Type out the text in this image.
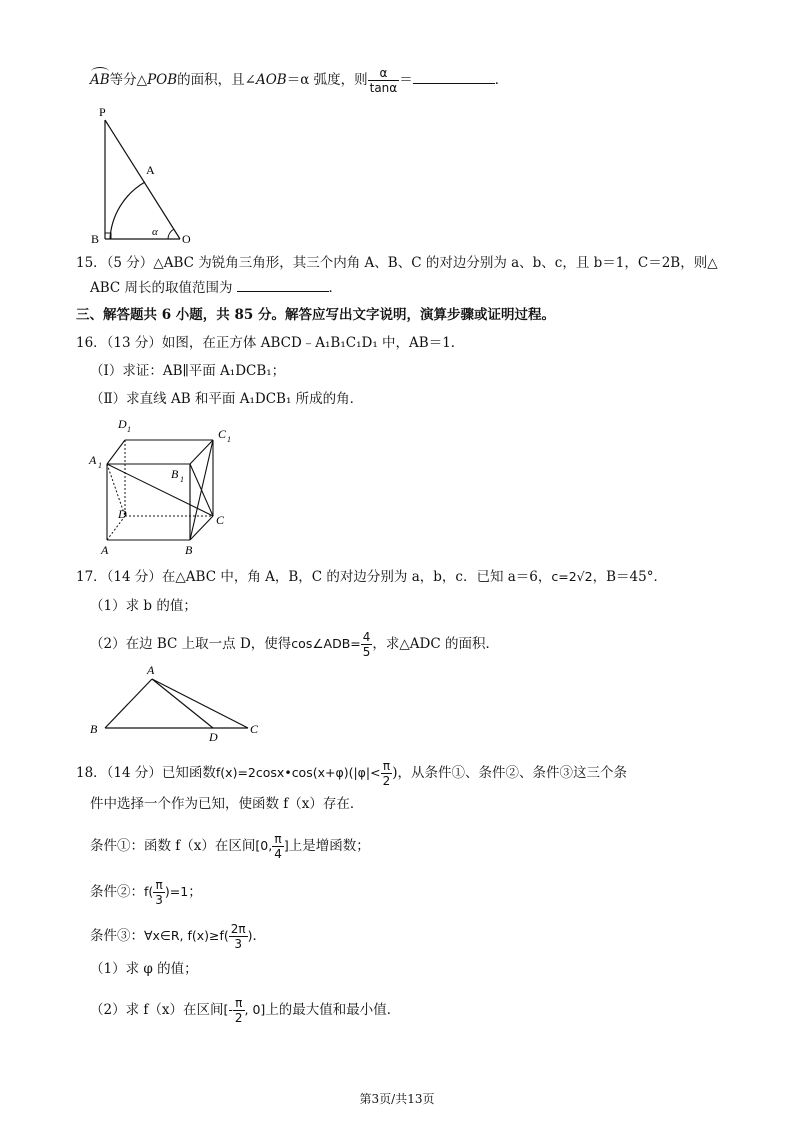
AB等分△POB的面积，且∠AOB＝α 弧度，则 $\frac{\alpha}{\tan\alpha}$ ＝	．
P
A
B	O
α
15．（5 分）△ABC 为锐角三角形，其三个内角 A、B、C 的对边分别为 a、b、c，且 b＝1，C＝2B，则△
ABC 周长的取值范围为	．
三、解答题共 6 小题，共 85 分。解答应写出文字说明，演算步骤或证明过程。
16．（13 分）如图，在正方体 ABCD﹣A₁B₁C₁D₁ 中，AB＝1．
（Ⅰ）求证：AB∥平面 A₁DCB₁；
（Ⅱ）求直线 AB 和平面 A₁DCB₁ 所成的角．
D 1	C 1
A 1
B 1
D	C
A	B
17．（14 分）在△ABC 中，角 A，B，C 的对边分别为 a，b，c．已知 a＝6，c=2√2，B＝45°．
（1）求 b 的值；
（2）在边 BC 上取一点 D，使得cos∠ADB= $\frac{4}{5}$ ，求△ADC 的面积．
A
B	C
D
18．（14 分）已知函数f(x)=2cosx•cos(x+φ)(|φ|< $\frac{\pi}{2}$ )，从条件①、条件②、条件③这三个条
件中选择一个作为已知，使函数 f（x）存在．
条件①：函数 f（x）在区间[0, $\frac{\pi}{4}$ ]上是增函数；
条件②：$f( \frac{\pi}{3} )=1$；
条件③：∀x∈R, $f(x)\ge f( \frac{2\pi}{3}$ )．
（1）求 φ 的值；
（2）求 f（x）在区间[- $\frac{\pi}{2}$ , 0]上的最大值和最小值．
第3页/共13页
